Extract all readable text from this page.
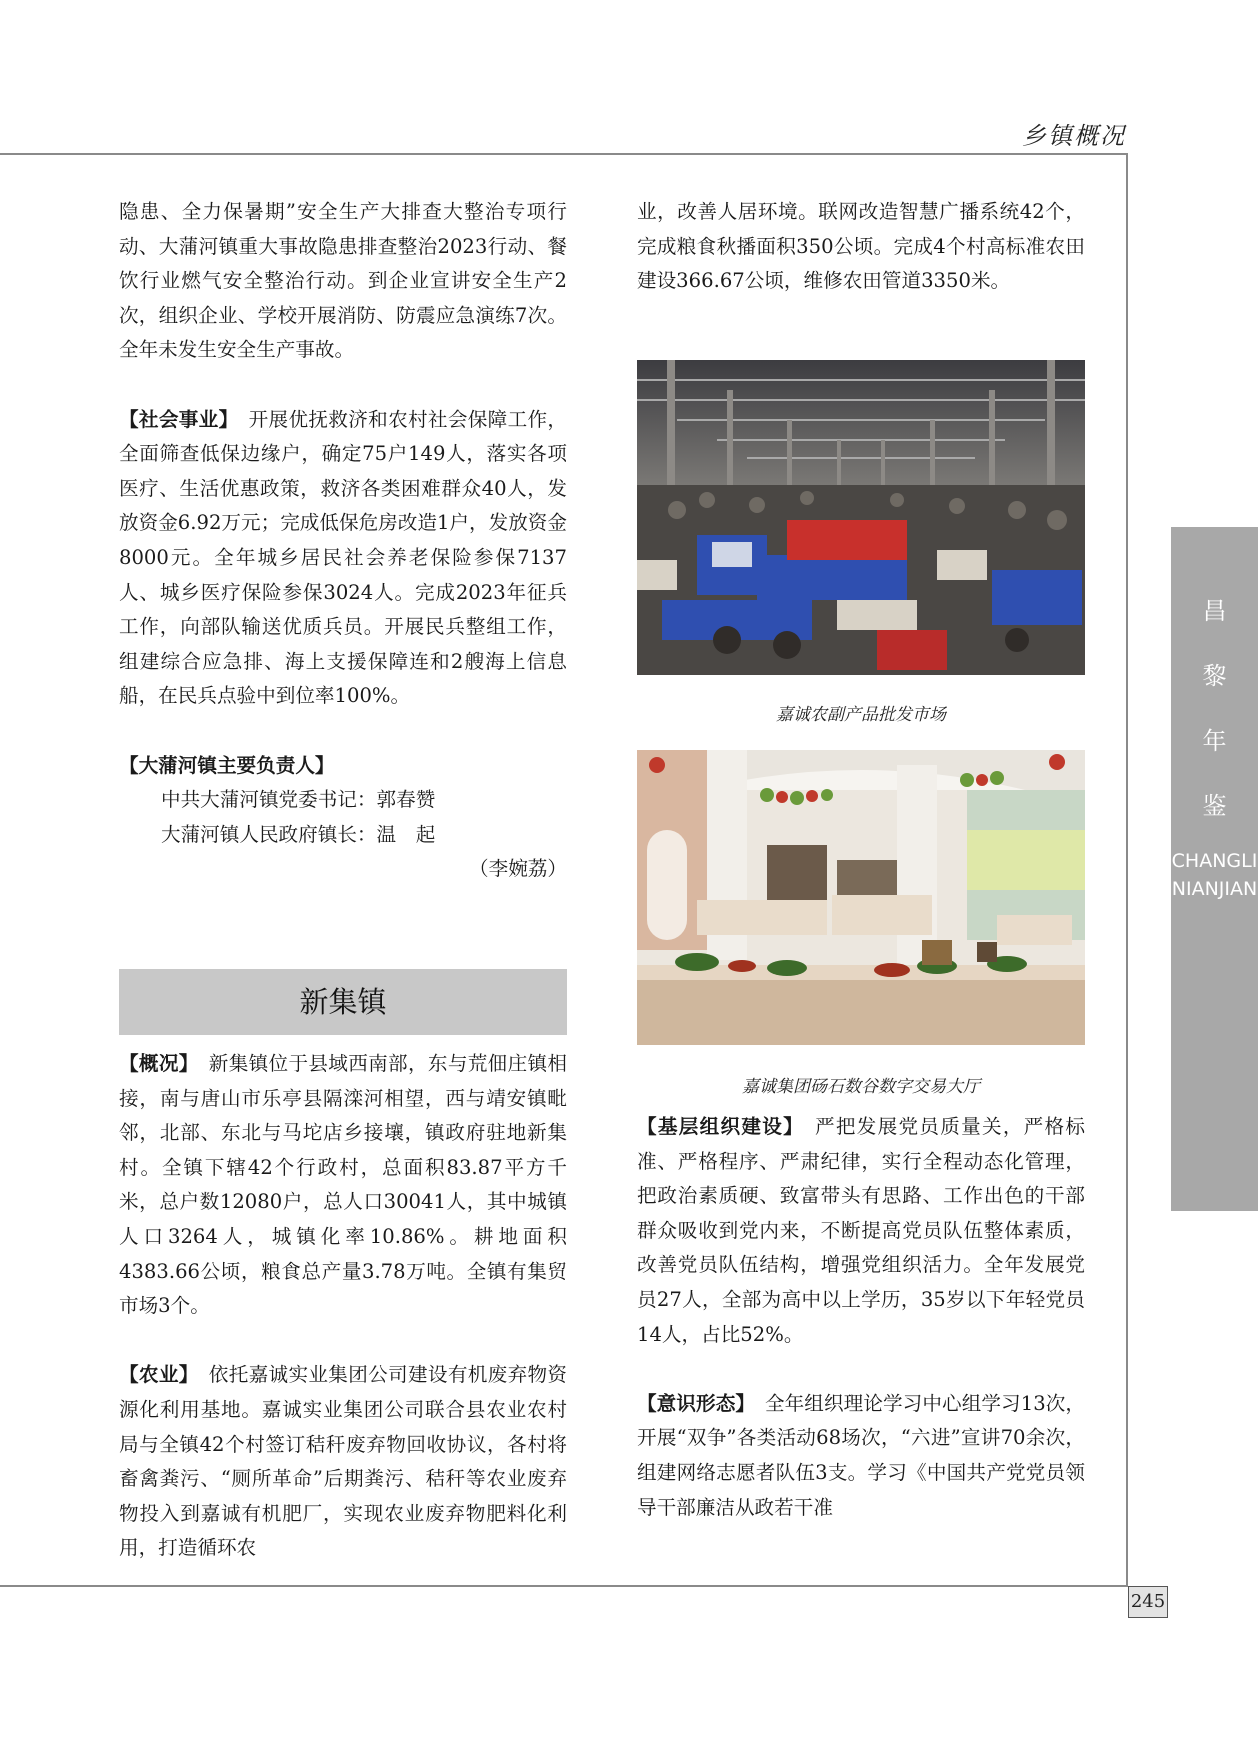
乡镇概况
昌
黎
年
鉴
CHANGLINIANJIAN

隐患、全力保暑期”安全生产大排查大整治专项行动、大蒲河镇重大事故隐患排查整治2023行动、餐饮行业燃气安全整治行动。到企业宣讲安全生产2次，组织企业、学校开展消防、防震应急演练7次。全年未发生安全生产事故。

【社会事业】　 开展优抚救济和农村社会保障工作，全面筛查低保边缘户，确定75户149人，落实各项医疗、生活优惠政策，救济各类困难群众40人，发放资金6.92万元；完成低保危房改造1户，发放资金8000元。全年城乡居民社会养老保险参保7137人、城乡医疗保险参保3024人。完成2023年征兵工作，向部队输送优质兵员。开展民兵整组工作，组建综合应急排、海上支援保障连和2艘海上信息船，在民兵点验中到位率100%。

【大蒲河镇主要负责人】

中共大蒲河镇党委书记：郭春赞

大蒲河镇人民政府镇长：温　起

（李婉荔）

新集镇

【概况】　 新集镇位于县域西南部，东与荒佃庄镇相接，南与唐山市乐亭县隔滦河相望，西与靖安镇毗邻，北部、东北与马坨店乡接壤，镇政府驻地新集村。全镇下辖42个行政村，总面积83.87平方千米，总户数12080户，总人口30041人，其中城镇人口3264人，城镇化率10.86%。耕地面积4383.66公顷，粮食总产量3.78万吨。全镇有集贸市场3个。

【农业】　 依托嘉诚实业集团公司建设有机废弃物资源化利用基地。嘉诚实业集团公司联合县农业农村局与全镇42个村签订秸秆废弃物回收协议，各村将畜禽粪污、“厕所革命”后期粪污、秸秆等农业废弃物投入到嘉诚有机肥厂，实现农业废弃物肥料化利用，打造循环农

业，改善人居环境。联网改造智慧广播系统42个，完成粮食秋播面积350公顷。完成4个村高标准农田建设366.67公顷，维修农田管道3350米。

嘉诚农副产品批发市场
嘉诚集团砀石数谷数字交易大厅

【基层组织建设】　 严把发展党员质量关，严格标准、严格程序、严肃纪律，实行全程动态化管理，把政治素质硬、致富带头有思路、工作出色的干部群众吸收到党内来，不断提高党员队伍整体素质，改善党员队伍结构，增强党组织活力。全年发展党员27人，全部为高中以上学历，35岁以下年轻党员14人，占比52%。

【意识形态】　 全年组织理论学习中心组学习13次，开展“双争”各类活动68场次，“六进”宣讲70余次，组建网络志愿者队伍3支。学习《中国共产党党员领导干部廉洁从政若干准

245
